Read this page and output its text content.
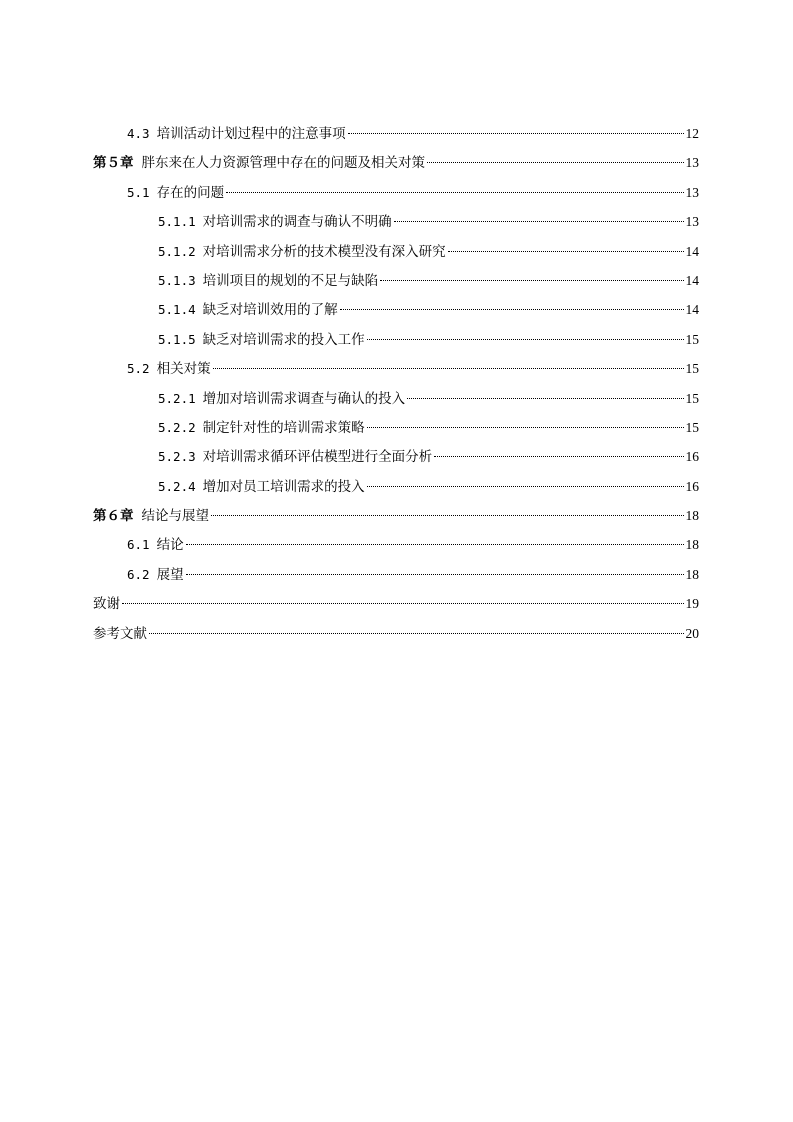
4.3 培训活动计划过程中的注意事项	12
第５章 胖东来在人力资源管理中存在的问题及相关对策	13
5.1 存在的问题	13
5.1.1 对培训需求的调查与确认不明确	13
5.1.2 对培训需求分析的技术模型没有深入研究	14
5.1.3 培训项目的规划的不足与缺陷	14
5.1.4 缺乏对培训效用的了解	14
5.1.5 缺乏对培训需求的投入工作	15
5.2 相关对策	15
5.2.1 增加对培训需求调查与确认的投入	15
5.2.2 制定针对性的培训需求策略	15
5.2.3 对培训需求循环评估模型进行全面分析	16
5.2.4 增加对员工培训需求的投入	16
第６章 结论与展望	18
6.1 结论	18
6.2 展望	18
致谢	19
参考文献	20
